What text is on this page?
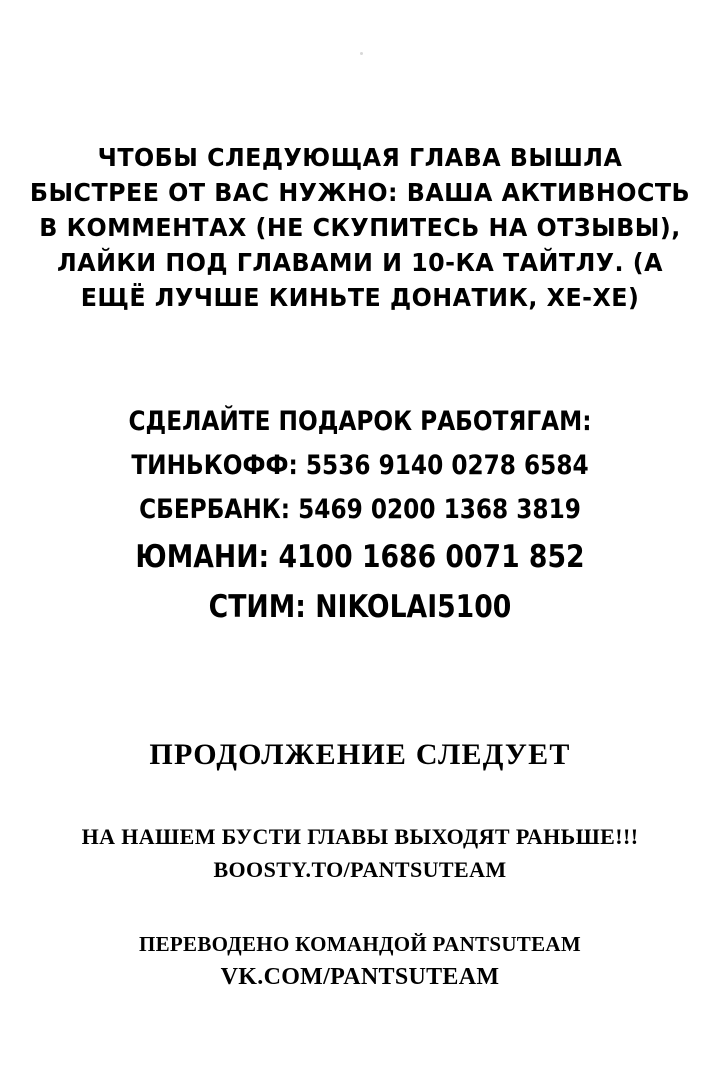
ЧТОБЫ СЛЕДУЮЩАЯ ГЛАВА ВЫШЛА
БЫСТРЕЕ ОТ ВАС НУЖНО: ВАША АКТИВНОСТЬ
В КОММЕНТАХ (НЕ СКУПИТЕСЬ НА ОТЗЫВЫ),
ЛАЙКИ ПОД ГЛАВАМИ И 10-КА ТАЙТЛУ. (А
ЕЩЁ ЛУЧШЕ КИНЬТЕ ДОНАТИК, ХЕ-ХЕ)
СДЕЛАЙТЕ ПОДАРОК РАБОТЯГАМ:
ТИНЬКОФФ: 5536 9140 0278 6584
СБЕРБАНК: 5469 0200 1368 3819
ЮМАНИ: 4100 1686 0071 852
СТИМ: NIKOLAI5100
ПРОДОЛЖЕНИЕ СЛЕДУЕТ
НА НАШЕМ БУСТИ ГЛАВЫ ВЫХОДЯТ РАНЬШЕ!!!
BOOSTY.TO/PANTSUTEAM
ПЕРЕВОДЕНО КОМАНДОЙ PANTSUTEAM
VK.COM/PANTSUTEAM
